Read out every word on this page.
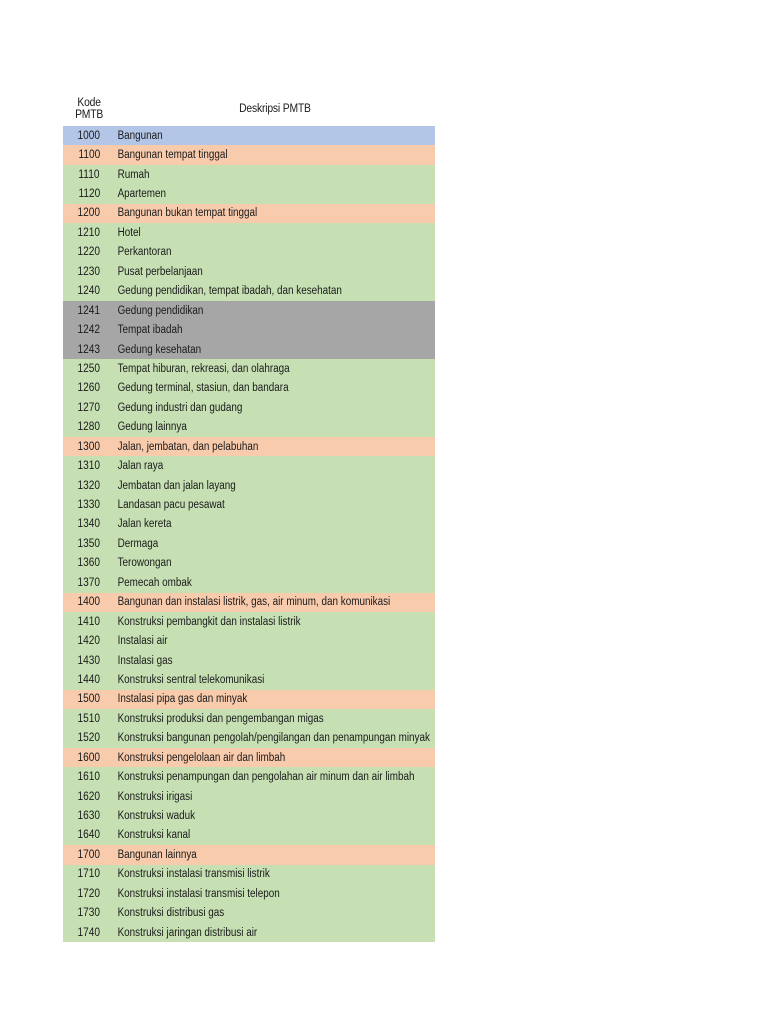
Kode
PMTB	Deskripsi PMTB
1000	Bangunan
1100	Bangunan tempat tinggal
1110	Rumah
1120	Apartemen
1200	Bangunan bukan tempat tinggal
1210	Hotel
1220	Perkantoran
1230	Pusat perbelanjaan
1240	Gedung pendidikan, tempat ibadah, dan kesehatan
1241	Gedung pendidikan
1242	Tempat ibadah
1243	Gedung kesehatan
1250	Tempat hiburan, rekreasi, dan olahraga
1260	Gedung terminal, stasiun, dan bandara
1270	Gedung industri dan gudang
1280	Gedung lainnya
1300	Jalan, jembatan, dan pelabuhan
1310	Jalan raya
1320	Jembatan dan jalan layang
1330	Landasan pacu pesawat
1340	Jalan kereta
1350	Dermaga
1360	Terowongan
1370	Pemecah ombak
1400	Bangunan dan instalasi listrik, gas, air minum, dan komunikasi
1410	Konstruksi pembangkit dan instalasi listrik
1420	Instalasi air
1430	Instalasi gas
1440	Konstruksi sentral telekomunikasi
1500	Instalasi pipa gas dan minyak
1510	Konstruksi produksi dan pengembangan migas
1520	Konstruksi bangunan pengolah/pengilangan dan penampungan minyak
1600	Konstruksi pengelolaan air dan limbah
1610	Konstruksi penampungan dan pengolahan air minum dan air limbah
1620	Konstruksi irigasi
1630	Konstruksi waduk
1640	Konstruksi kanal
1700	Bangunan lainnya
1710	Konstruksi instalasi transmisi listrik
1720	Konstruksi instalasi transmisi telepon
1730	Konstruksi distribusi gas
1740	Konstruksi jaringan distribusi air
